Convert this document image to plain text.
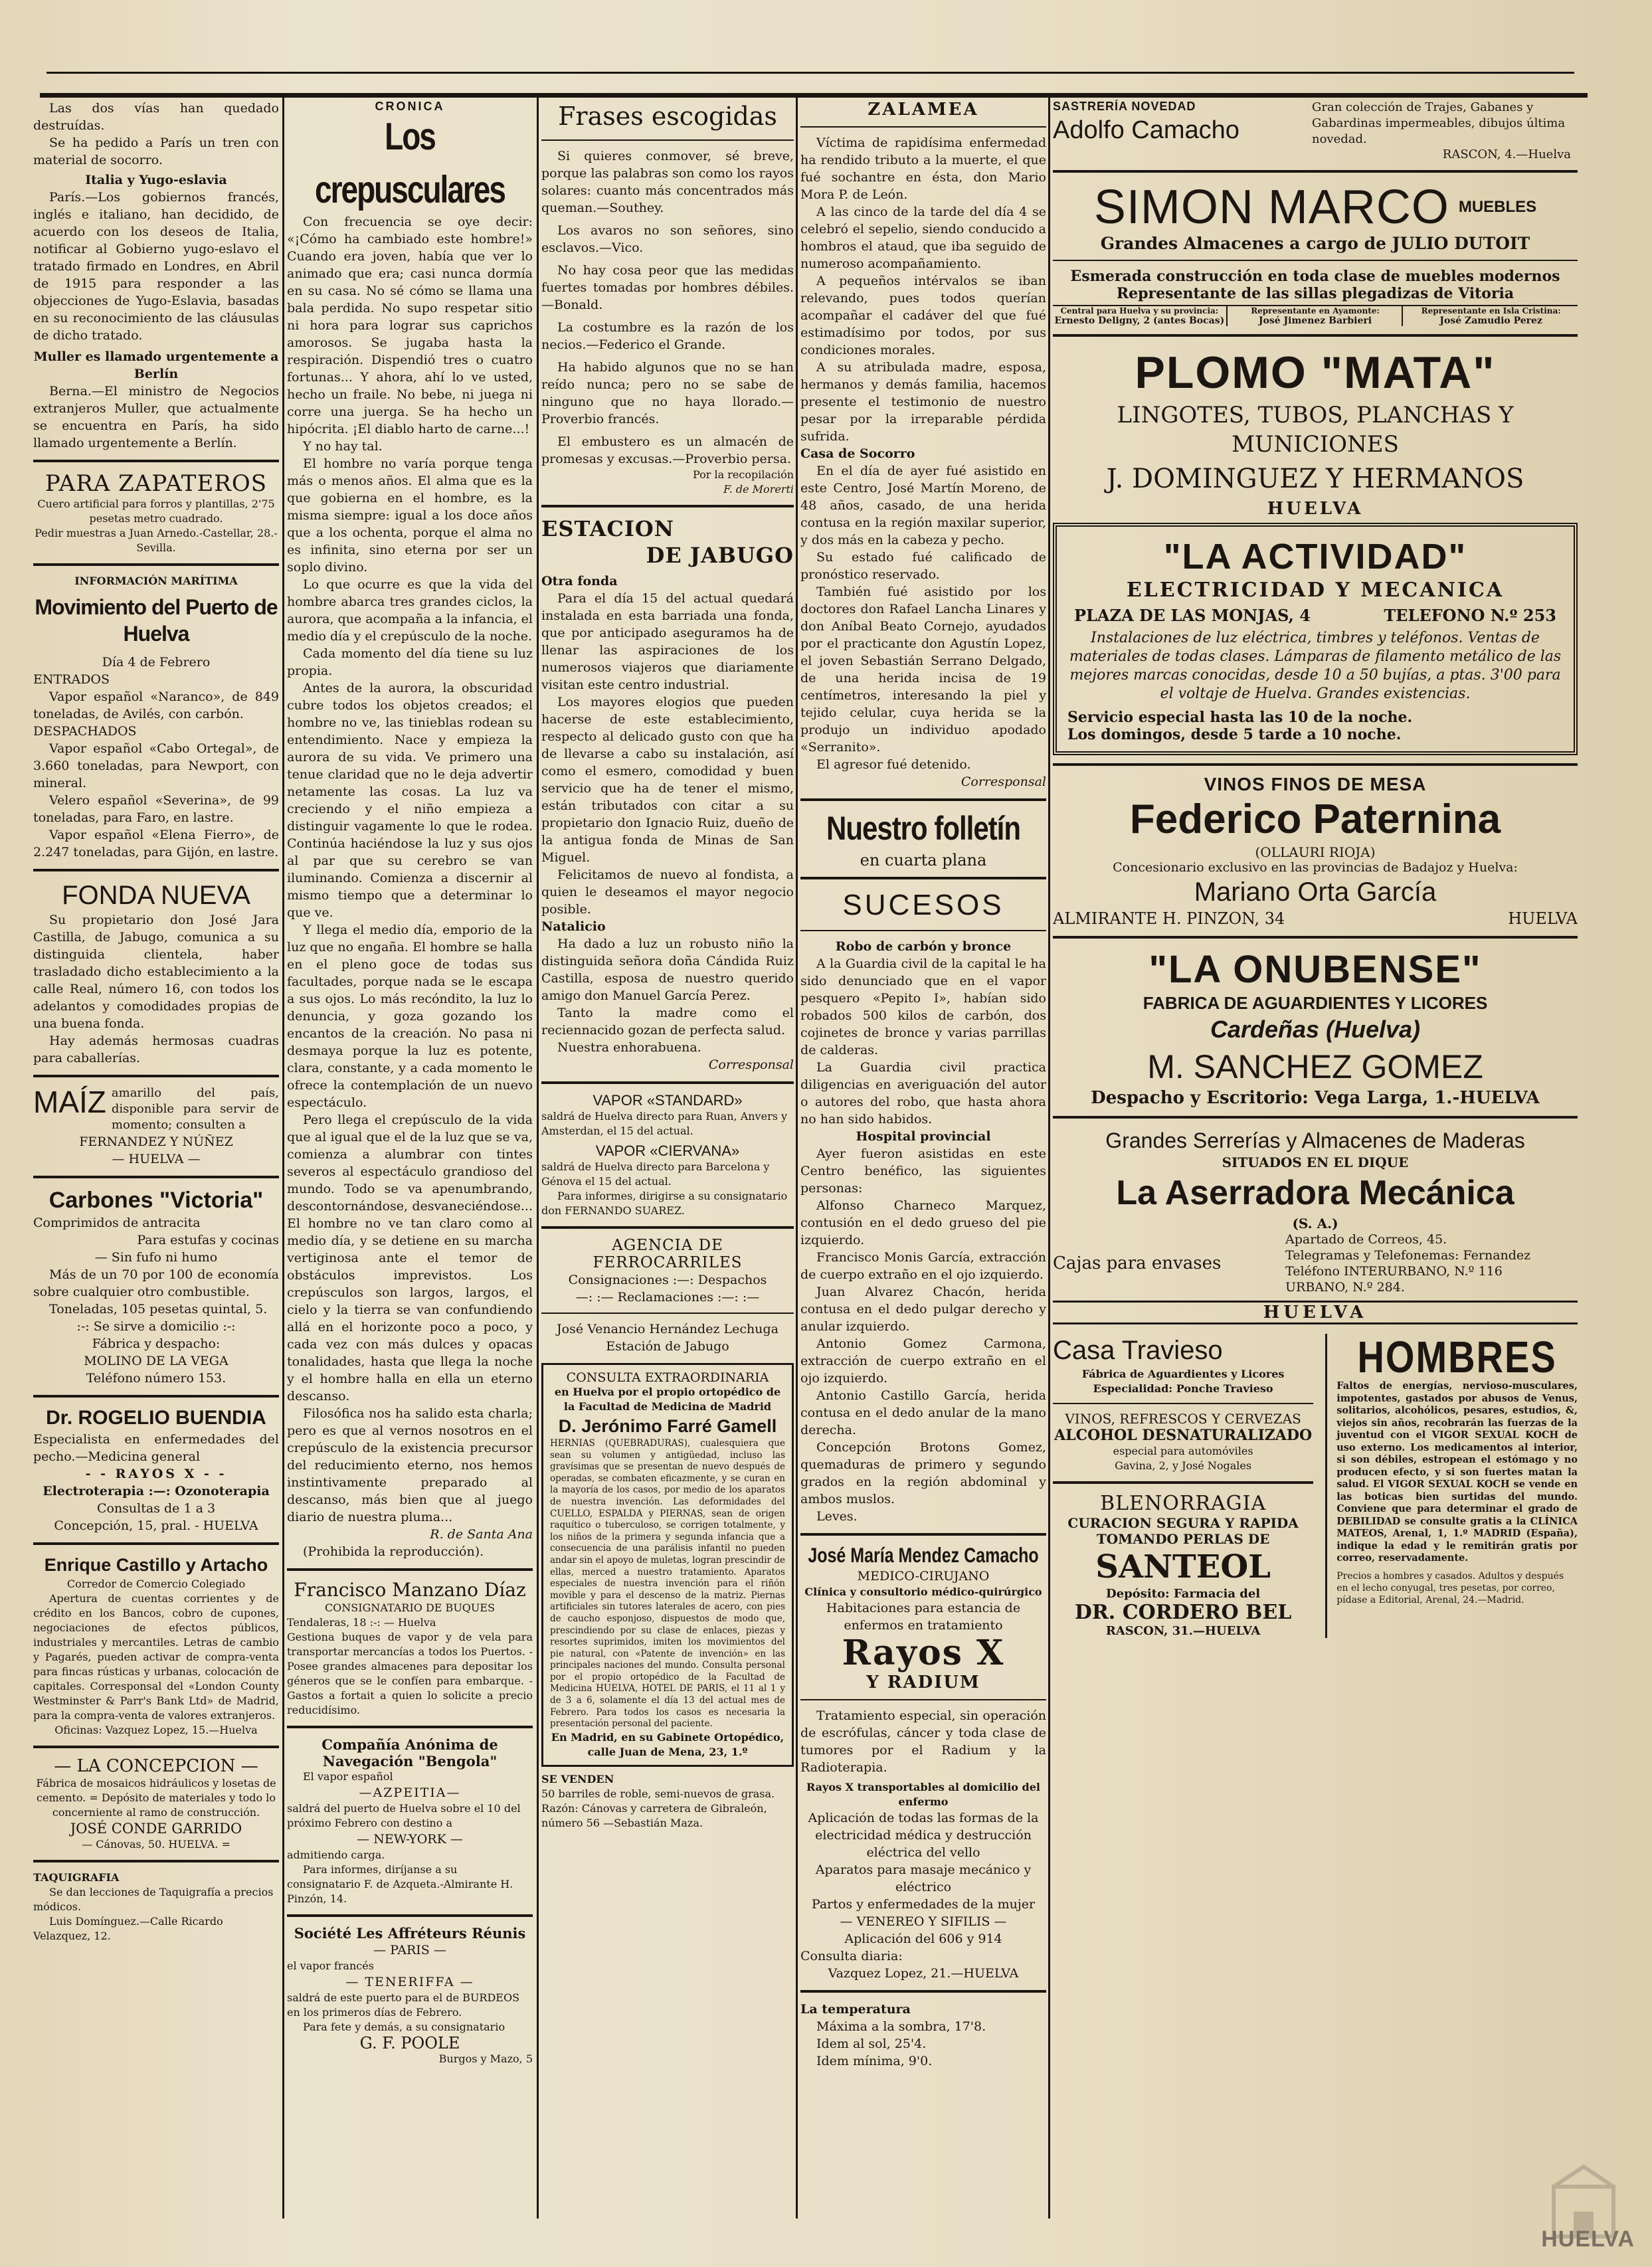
Las dos vías han quedado destruídas.

Se ha pedido a París un tren con material de socorro.

Italia y Yugo-eslavia

París.—Los gobiernos francés, inglés e italiano, han decidido, de acuerdo con los deseos de Italia, notificar al Gobierno yugo-eslavo el tratado firmado en Londres, en Abril de 1915 para responder a las objecciones de Yugo-Eslavia, basadas en su reconocimiento de las cláusulas de dicho tratado.

Muller es llamado urgentemente a Berlín

Berna.—El ministro de Negocios extranjeros Muller, que actualmente se encuentra en París, ha sido llamado urgentemente a Berlín.

PARA ZAPATEROS

Cuero artificial para forros y plantillas, 2'75 pesetas metro cuadrado.

Pedir muestras a Juan Arnedo.-Castellar, 28.-Sevilla.

INFORMACIÓN MARÍTIMA

Movimiento del Puerto de Huelva

Día 4 de Febrero

ENTRADOS

Vapor español «Naranco», de 849 toneladas, de Avilés, con carbón.

DESPACHADOS

Vapor español «Cabo Ortegal», de 3.660 toneladas, para Newport, con mineral.

Velero español «Severina», de 99 toneladas, para Faro, en lastre.

Vapor español «Elena Fierro», de 2.247 toneladas, para Gijón, en lastre.

FONDA NUEVA

Su propietario don José Jara Castilla, de Jabugo, comunica a su distinguida clientela, haber trasladado dicho establecimiento a la calle Real, número 16, con todos los adelantos y comodidades propias de una buena fonda.

Hay además hermosas cuadras para caballerías.

MAÍZ amarillo del país, disponible para servir de momento; consulten a

FERNANDEZ Y NÚÑEZ

— HUELVA —

Carbones "Victoria"

Comprimidos de antracita

Para estufas y cocinas

— Sin fufo ni humo

Más de un 70 por 100 de economía sobre cualquier otro combustible.

Toneladas, 105 pesetas quintal, 5.

:-: Se sirve a domicilio :-:

Fábrica y despacho:

MOLINO DE LA VEGA

Teléfono número 153.

Dr. ROGELIO BUENDIA

Especialista en enfermedades del pecho.—Medicina general

- - RAYOS X - -

Electroterapia :—: Ozonoterapia

Consultas de 1 a 3

Concepción, 15, pral. - HUELVA

Enrique Castillo y Artacho

Corredor de Comercio Colegiado

Apertura de cuentas corrientes y de crédito en los Bancos, cobro de cupones, negociaciones de efectos públicos, industriales y mercantiles. Letras de cambio y Pagarés, pueden activar de compra-venta para fincas rústicas y urbanas, colocación de capitales. Corresponsal del «London County Westminster & Parr's Bank Ltd» de Madrid, para la compra-venta de valores extranjeros.

Oficinas: Vazquez Lopez, 15.—Huelva

— LA CONCEPCION —

Fábrica de mosaicos hidráulicos y losetas de cemento. = Depósito de materiales y todo lo concerniente al ramo de construcción.

JOSÉ CONDE GARRIDO

— Cánovas, 50. HUELVA. =

TAQUIGRAFIA

Se dan lecciones de Taquigrafía a precios módicos.

Luis Domínguez.—Calle Ricardo Velazquez, 12.

CRONICA

Los crepusculares

Con frecuencia se oye decir: «¡Cómo ha cambiado este hombre!» Cuando era joven, había que ver lo animado que era; casi nunca dormía en su casa. No sé cómo se llama una bala perdida. No supo respetar sitio ni hora para lograr sus caprichos amorosos. Se jugaba hasta la respiración. Dispendió tres o cuatro fortunas... Y ahora, ahí lo ve usted, hecho un fraile. No bebe, ni juega ni corre una juerga. Se ha hecho un hipócrita. ¡El diablo harto de carne...!

Y no hay tal.

El hombre no varía porque tenga más o menos años. El alma que es la que gobierna en el hombre, es la misma siempre: igual a los doce años que a los ochenta, porque el alma no es infinita, sino eterna por ser un soplo divino.

Lo que ocurre es que la vida del hombre abarca tres grandes ciclos, la aurora, que acompaña a la infancia, el medio día y el crepúsculo de la noche.

Cada momento del día tiene su luz propia.

Antes de la aurora, la obscuridad cubre todos los objetos creados; el hombre no ve, las tinieblas rodean su entendimiento. Nace y empieza la aurora de su vida. Ve primero una tenue claridad que no le deja advertir netamente las cosas. La luz va creciendo y el niño empieza a distinguir vagamente lo que le rodea. Continúa haciéndose la luz y sus ojos al par que su cerebro se van iluminando. Comienza a discernir al mismo tiempo que a determinar lo que ve.

Y llega el medio día, emporio de la luz que no engaña. El hombre se halla en el pleno goce de todas sus facultades, porque nada se le escapa a sus ojos. Lo más recóndito, la luz lo denuncia, y goza gozando los encantos de la creación. No pasa ni desmaya porque la luz es potente, clara, constante, y a cada momento le ofrece la contemplación de un nuevo espectáculo.

Pero llega el crepúsculo de la vida que al igual que el de la luz que se va, comienza a alumbrar con tintes severos al espectáculo grandioso del mundo. Todo se va apenumbrando, descontornándose, desvaneciéndose... El hombre no ve tan claro como al medio día, y se detiene en su marcha vertiginosa ante el temor de obstáculos imprevistos. Los crepúsculos son largos, largos, el cielo y la tierra se van confundiendo allá en el horizonte poco a poco, y cada vez con más dulces y opacas tonalidades, hasta que llega la noche y el hombre halla en ella un eterno descanso.

Filosófica nos ha salido esta charla; pero es que al vernos nosotros en el crepúsculo de la existencia precursor del reducimiento eterno, nos hemos instintivamente preparado al descanso, más bien que al juego diario de nuestra pluma...

R. de Santa Ana

(Prohibida la reproducción).

Francisco Manzano Díaz

CONSIGNATARIO DE BUQUES

Tendaleras, 18 :-: — Huelva

Gestiona buques de vapor y de vela para transportar mercancías a todos los Puertos. - Posee grandes almacenes para depositar los géneros que se le confíen para embarque. - Gastos a fortait a quien lo solicite a precio reducidísimo.

Compañía Anónima de Navegación "Bengola"

El vapor español

—AZPEITIA—

saldrá del puerto de Huelva sobre el 10 del próximo Febrero con destino a

— NEW-YORK —

admitiendo carga.

Para informes, diríjanse a su consignatario F. de Azqueta.-Almirante H. Pinzón, 14.

Société Les Affréteurs Réunis

— PARIS —

el vapor francés

— TENERIFFA —

saldrá de este puerto para el de BURDEOS en los primeros días de Febrero.

Para fete y demás, a su consignatario

G. F. POOLE

Burgos y Mazo, 5

Frases escogidas

Si quieres conmover, sé breve, porque las palabras son como los rayos solares: cuanto más concentrados más queman.—Southey.

Los avaros no son señores, sino esclavos.—Vico.

No hay cosa peor que las medidas fuertes tomadas por hombres débiles. —Bonald.

La costumbre es la razón de los necios.—Federico el Grande.

Ha habido algunos que no se han reído nunca; pero no se sabe de ninguno que no haya llorado.—Proverbio francés.

El embustero es un almacén de promesas y excusas.—Proverbio persa.

Por la recopilación

F. de Morerti

ESTACION

DE JABUGO

Otra fonda

Para el día 15 del actual quedará instalada en esta barriada una fonda, que por anticipado aseguramos ha de llenar las aspiraciones de los numerosos viajeros que diariamente visitan este centro industrial.

Los mayores elogios que pueden hacerse de este establecimiento, respecto al delicado gusto con que ha de llevarse a cabo su instalación, así como el esmero, comodidad y buen servicio que ha de tener el mismo, están tributados con citar a su propietario don Ignacio Ruiz, dueño de la antigua fonda de Minas de San Miguel.

Felicitamos de nuevo al fondista, a quien le deseamos el mayor negocio posible.

Natalicio

Ha dado a luz un robusto niño la distinguida señora doña Cándida Ruiz Castilla, esposa de nuestro querido amigo don Manuel García Perez.

Tanto la madre como el reciennacido gozan de perfecta salud.

Nuestra enhorabuena.

Corresponsal

VAPOR «STANDARD»

saldrá de Huelva directo para Ruan, Anvers y Amsterdan, el 15 del actual.

VAPOR «CIERVANA»

saldrá de Huelva directo para Barcelona y Génova el 15 del actual.

Para informes, dirigirse a su consignatario don FERNANDO SUAREZ.

AGENCIA DE FERROCARRILES

Consignaciones :—: Despachos

—: :— Reclamaciones :—: :—

José Venancio Hernández Lechuga

Estación de Jabugo

CONSULTA EXTRAORDINARIA

en Huelva por el propio ortopédico de la Facultad de Medicina de Madrid

D. Jerónimo Farré Gamell

HERNIAS (QUEBRADURAS), cualesquiera que sean su volumen y antigüedad, incluso las gravísimas que se presentan de nuevo después de operadas, se combaten eficazmente, y se curan en la mayoría de los casos, por medio de los aparatos de nuestra invención. Las deformidades del CUELLO, ESPALDA y PIERNAS, sean de origen raquítico o tuberculoso, se corrigen totalmente, y los niños de la primera y segunda infancia que a consecuencia de una parálisis infantil no pueden andar sin el apoyo de muletas, logran prescindir de ellas, merced a nuestro tratamiento. Aparatos especiales de nuestra invención para el riñón movible y para el descenso de la matriz. Piernas artificiales sin tutores laterales de acero, con pies de caucho esponjoso, dispuestos de modo que, prescindiendo por su clase de enlaces, piezas y resortes suprimidos, imiten los movimientos del pie natural, con «Patente de invención» en las principales naciones del mundo. Consulta personal por el propio ortopédico de la Facultad de Medicina HUELVA, HOTEL DE PARIS, el 11 al 1 y de 3 a 6, solamente el día 13 del actual mes de Febrero. Para todos los casos es necesaria la presentación personal del paciente.

En Madrid, en su Gabinete Ortopédico, calle Juan de Mena, 23, 1.º

SE VENDEN

50 barriles de roble, semi-nuevos de grasa. Razón: Cánovas y carretera de Gibraleón, número 56 —Sebastián Maza.

ZALAMEA

Víctima de rapidísima enfermedad ha rendido tributo a la muerte, el que fué sochantre en ésta, don Mario Mora P. de León.

A las cinco de la tarde del día 4 se celebró el sepelio, siendo conducido a hombros el ataud, que iba seguido de numeroso acompañamiento.

A pequeños intérvalos se iban relevando, pues todos querían acompañar el cadáver del que fué estimadísimo por todos, por sus condiciones morales.

A su atribulada madre, esposa, hermanos y demás familia, hacemos presente el testimonio de nuestro pesar por la irreparable pérdida sufrida.

Casa de Socorro

En el día de ayer fué asistido en este Centro, José Martín Moreno, de 48 años, casado, de una herida contusa en la región maxilar superior, y dos más en la cabeza y pecho.

Su estado fué calificado de pronóstico reservado.

También fué asistido por los doctores don Rafael Lancha Linares y don Aníbal Beato Cornejo, ayudados por el practicante don Agustín Lopez, el joven Sebastián Serrano Delgado, de una herida incisa de 19 centímetros, interesando la piel y tejido celular, cuya herida se la produjo un individuo apodado «Serranito».

El agresor fué detenido.

Corresponsal

Nuestro folletín

en cuarta plana

SUCESOS

Robo de carbón y bronce

A la Guardia civil de la capital le ha sido denunciado que en el vapor pesquero «Pepito I», habían sido robados 500 kilos de carbón, dos cojinetes de bronce y varias parrillas de calderas.

La Guardia civil practica diligencias en averiguación del autor o autores del robo, que hasta ahora no han sido habidos.

Hospital provincial

Ayer fueron asistidas en este Centro benéfico, las siguientes personas:

Alfonso Charneco Marquez, contusión en el dedo grueso del pie izquierdo.

Francisco Monis García, extracción de cuerpo extraño en el ojo izquierdo.

Juan Alvarez Chacón, herida contusa en el dedo pulgar derecho y anular izquierdo.

Antonio Gomez Carmona, extracción de cuerpo extraño en el ojo izquierdo.

Antonio Castillo García, herida contusa en el dedo anular de la mano derecha.

Concepción Brotons Gomez, quemaduras de primero y segundo grados en la región abdominal y ambos muslos.

Leves.

José María Mendez Camacho

MEDICO-CIRUJANO

Clínica y consultorio médico-quirúrgico

Habitaciones para estancia de enfermos en tratamiento

Rayos X

Y RADIUM

Tratamiento especial, sin operación de escrófulas, cáncer y toda clase de tumores por el Radium y la Radioterapia.

Rayos X transportables al domicilio del enfermo

Aplicación de todas las formas de la electricidad médica y destrucción eléctrica del vello

Aparatos para masaje mecánico y eléctrico

Partos y enfermedades de la mujer

— VENEREO Y SIFILIS —

Aplicación del 606 y 914

Consulta diaria:

Vazquez Lopez, 21.—HUELVA

La temperatura

Máxima a la sombra, 17'8.

Idem al sol, 25'4.

Idem mínima, 9'0.

SASTRERÍA NOVEDAD

Adolfo Camacho

Gran colección de Trajes, Gabanes y Gabardinas impermeables, dibujos última novedad.

RASCON, 4.—Huelva

SIMON MARCO MUEBLES

Grandes Almacenes a cargo de JULIO DUTOIT

Esmerada construcción en toda clase de muebles modernos

Representante de las sillas plegadizas de Vitoria

Central para Huelva y su provincia:

Ernesto Deligny, 2 (antes Bocas)

Representante en Ayamonte:

José Jimenez Barbieri

Representante en Isla Cristina:

José Zamudio Perez

PLOMO "MATA"

LINGOTES, TUBOS, PLANCHAS Y MUNICIONES

J. DOMINGUEZ Y HERMANOS

HUELVA

"LA ACTIVIDAD"

ELECTRICIDAD Y MECANICA

PLAZA DE LAS MONJAS, 4	TELEFONO N.º 253

Instalaciones de luz eléctrica, timbres y teléfonos. Ventas de materiales de todas clases. Lámparas de filamento metálico de las mejores marcas conocidas, desde 10 a 50 bujías, a ptas. 3'00 para el voltaje de Huelva. Grandes existencias.

Servicio especial hasta las 10 de la noche.

Los domingos, desde 5 tarde a 10 noche.

VINOS FINOS DE MESA

Federico Paternina

(OLLAURI RIOJA)

Concesionario exclusivo en las provincias de Badajoz y Huelva:

Mariano Orta García

ALMIRANTE H. PINZON, 34	HUELVA

"LA ONUBENSE"

FABRICA DE AGUARDIENTES Y LICORES

Cardeñas (Huelva)

M. SANCHEZ GOMEZ

Despacho y Escritorio: Vega Larga, 1.-HUELVA

Grandes Serrerías y Almacenes de Maderas

SITUADOS EN EL DIQUE

La Aserradora Mecánica

(S. A.)

Cajas para envases

Apartado de Correos, 45.

Telegramas y Telefonemas: Fernandez

Teléfono INTERURBANO, N.º 116

URBANO, N.º 284.

HUELVA

Casa Travieso

Fábrica de Aguardientes y Licores

Especialidad: Ponche Travieso

VINOS, REFRESCOS Y CERVEZAS

ALCOHOL DESNATURALIZADO

especial para automóviles

Gavina, 2, y José Nogales

BLENORRAGIA

CURACION SEGURA Y RAPIDA

TOMANDO PERLAS DE

SANTEOL

Depósito: Farmacia del

DR. CORDERO BEL

RASCON, 31.—HUELVA

HOMBRES

Faltos de energías, nervioso-musculares, impotentes, gastados por abusos de Venus, solitarios, alcohólicos, pesares, estudios, &, viejos sin años, recobrarán las fuerzas de la juventud con el VIGOR SEXUAL KOCH de uso externo. Los medicamentos al interior, si son débiles, estropean el estómago y no producen efecto, y si son fuertes matan la salud. El VIGOR SEXUAL KOCH se vende en las boticas bien surtidas del mundo. Conviene que para determinar el grado de DEBILIDAD se consulte gratis a la CLÍNICA MATEOS, Arenal, 1, 1.º MADRID (España), indique la edad y le remitirán gratis por correo, reservadamente.

Precios a hombres y casados. Adultos y después en el lecho conyugal, tres pesetas, por correo, pídase a Editorial, Arenal, 24.—Madrid.

HUELVA
